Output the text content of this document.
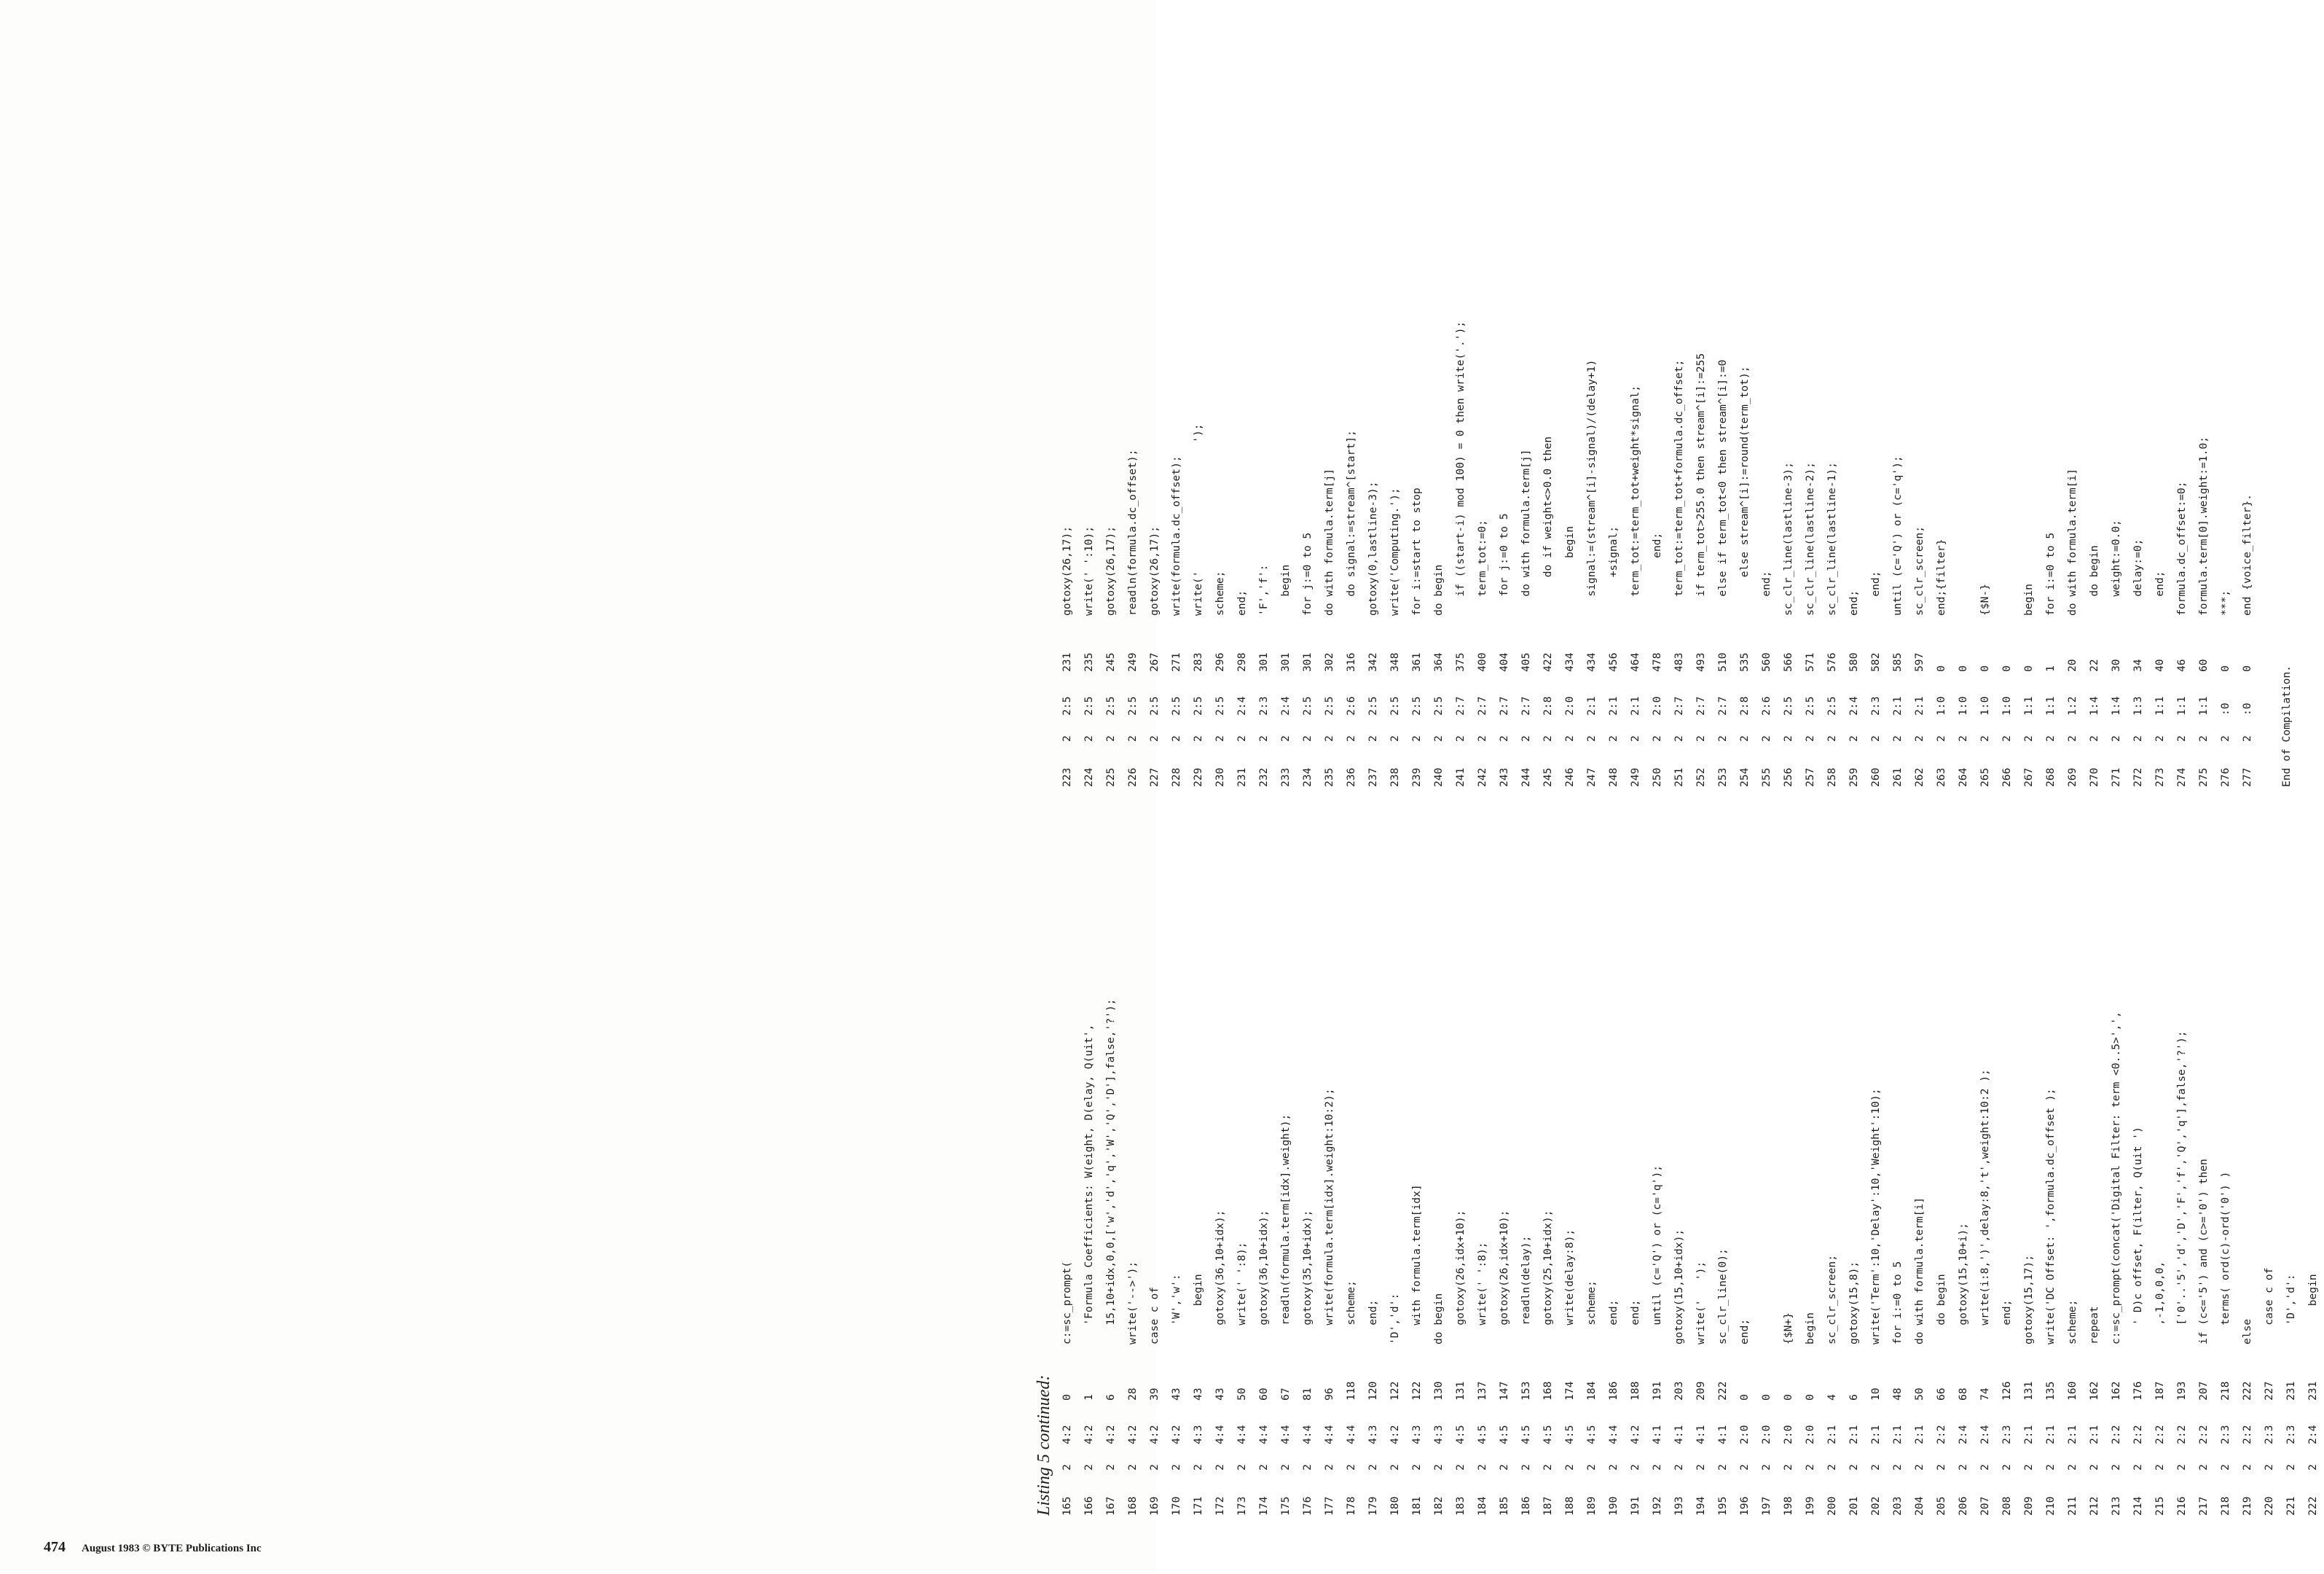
Listing 5 continued: 165
2
4:2
0
c:=sc_prompt(
166
2
4:2
1
'Formula Coefficients: W(eight, D(elay, Q(uit',
167
2
4:2
6
15,10+idx,0,0,['w','d','q','W','Q','D'],false,'?');
168
2
4:2
28
write('-->');
169
2
4:2
39
case c of
170
2
4:2
43
'W','w':
171
2
4:3
43
begin
172
2
4:4
43
gotoxy(36,10+idx);
173
2
4:4
50
write(' ':8);
174
2
4:4
60
gotoxy(36,10+idx);
175
2
4:4
67
readln(formula.term[idx].weight);
176
2
4:4
81
gotoxy(35,10+idx);
177
2
4:4
96
write(formula.term[idx].weight:10:2);
178
2
4:4
118
scheme;
179
2
4:3
120
end;
180
2
4:2
122
'D','d':
181
2
4:3
122
with formula.term[idx]
182
2
4:3
130
do begin
183
2
4:5
131
gotoxy(26,idx+10);
184
2
4:5
137
write(' ':8);
185
2
4:5
147
gotoxy(26,idx+10);
186
2
4:5
153
readln(delay);
187
2
4:5
168
gotoxy(25,10+idx);
188
2
4:5
174
write(delay:8);
189
2
4:5
184
scheme;
190
2
4:4
186
end;
191
2
4:2
188
end;
192
2
4:1
191
until (c='Q') or (c='q');
193
2
4:1
203
gotoxy(15,10+idx);
194
2
4:1
209
write('   ');
195
2
4:1
222
sc_clr_line(0);
196
2
2:0
0
end;
197
2
2:0
0
198
2
2:0
0
{$N+}
199
2
2:0
0
begin
200
2
2:1
4
sc_clr_screen;
201
2
2:1
6
gotoxy(15,8);
202
2
2:1
10
write('Term':10,'Delay':10,'Weight':10);
203
2
2:1
48
for i:=0 to 5
204
2
2:1
50
do with formula.term[i]
205
2
2:2
66
do begin
206
2
2:4
68
gotoxy(15,10+i);
207
2
2:4
74
write(i:8,')',delay:8,'t',weight:10:2 );
208
2
2:3
126
end;
209
2
2:1
131
gotoxy(15,17);
210
2
2:1
135
write('DC Offset: ',formula.dc_offset );
211
2
2:1
160
scheme;
212
2
2:1
162
repeat
213
2
2:2
162
c:=sc_prompt(concat('Digital Filter: term <0..5>',',
214
2
2:2
176
' D)c offset, F(ilter, Q(uit ')
215
2
2:2
187
,-1,0,0,0,
216
2
2:2
193
['0'..'5','d','D','F','f','Q','q'],false,'?');
217
2
2:2
207
if (c<='5') and (c>='0') then
218
2
2:3
218
terms( ord(c)-ord('0') )
219
2
2:2
222
else
220
2
2:3
227
case c of
221
2
2:3
231
'D','d':
222
2
2:4
231
begin
223
2
2:5
231
gotoxy(26,17);
224
2
2:5
235
write(' ':10);
225
2
2:5
245
gotoxy(26,17);
226
2
2:5
249
readln(formula.dc_offset);
227
2
2:5
267
gotoxy(26,17);
228
2
2:5
271
write(formula.dc_offset);
229
2
2:5
283
write('                    ');
230
2
2:5
296
scheme;
231
2
2:4
298
end;
232
2
2:3
301
'F','f':
233
2
2:4
301
begin
234
2
2:5
301
for j:=0 to 5
235
2
2:5
302
do with formula.term[j]
236
2
2:6
316
do signal:=stream^[start];
237
2
2:5
342
gotoxy(0,lastline-3);
238
2
2:5
348
write('Computing.');
239
2
2:5
361
for i:=start to stop
240
2
2:5
364
do begin
241
2
2:7
375
if ((start-i) mod 100) = 0 then write('.');
242
2
2:7
400
term_tot:=0;
243
2
2:7
404
for j:=0 to 5
244
2
2:7
405
do with formula.term[j]
245
2
2:8
422
do if weight<>0.0 then
246
2
2:0
434
begin
247
2
2:1
434
signal:=(stream^[i]-signal)/(delay+1)
248
2
2:1
456
+signal;
249
2
2:1
464
term_tot:=term_tot+weight*signal;
250
2
2:0
478
end;
251
2
2:7
483
term_tot:=term_tot+formula.dc_offset;
252
2
2:7
493
if term_tot>255.0 then stream^[i]:=255
253
2
2:7
510
else if term_tot<0 then stream^[i]:=0
254
2
2:8
535
else stream^[i]:=round(term_tot);
255
2
2:6
560
end;
256
2
2:5
566
sc_clr_line(lastline-3);
257
2
2:5
571
sc_clr_line(lastline-2);
258
2
2:5
576
sc_clr_line(lastline-1);
259
2
2:4
580
end;
260
2
2:3
582
end;
261
2
2:1
585
until (c='Q') or (c='q');
262
2
2:1
597
sc_clr_screen;
263
2
1:0
0
end;{filter}
264
2
1:0
0
265
2
1:0
0
{$N-}
266
2
1:0
0
267
2
1:1
0
begin
268
2
1:1
1
for i:=0 to 5
269
2
1:2
20
do with formula.term[i]
270
2
1:4
22
do begin
271
2
1:4
30
weight:=0.0;
272
2
1:3
34
delay:=0;
273
2
1:1
40
end;
274
2
1:1
46
formula.dc_offset:=0;
275
2
1:1
60
formula.term[0].weight:=1.0;
276
2
:0
0
***;
277
2
:0
0
end {voice_filter}.
End of Compilation.
474 August 1983 © BYTE Publications Inc
